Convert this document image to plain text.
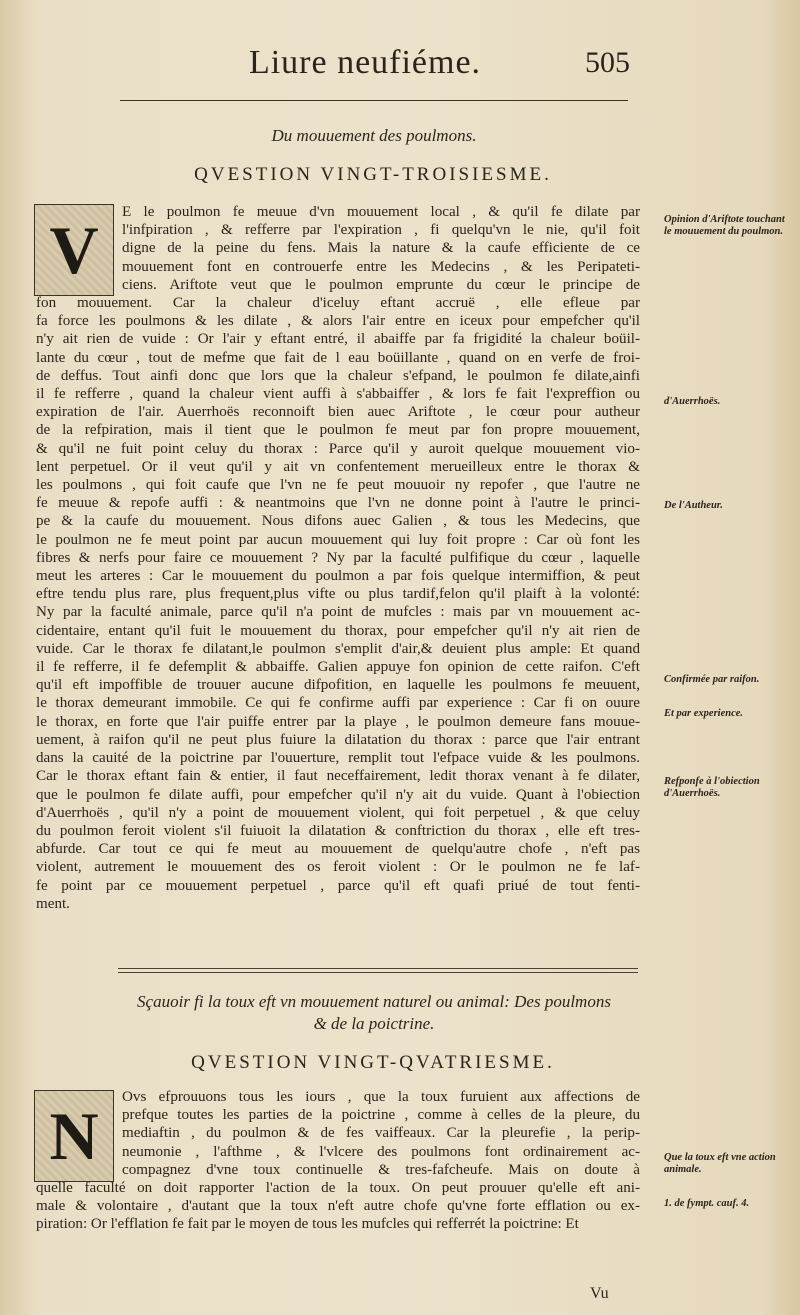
Liure neufiéme.	505
Du mouuement des poulmons.
QVESTION VINGT-TROISIESME.
V	E le poulmon fe meuue d'vn mouuement local , & qu'il fe dilate par
l'infpiration , & refferre par l'expiration , fi quelqu'vn le nie, qu'il foit
digne de la peine du fens. Mais la nature & la caufe efficiente de ce
mouuement font en controuerfe entre les Medecins , & les Peripateti-
ciens. Ariftote veut que le poulmon emprunte du cœur le principe de
fon mouuement. Car la chaleur d'iceluy eftant accruë , elle efleue par
fa force les poulmons & les dilate , & alors l'air entre en iceux pour empefcher qu'il
n'y ait rien de vuide : Or l'air y eftant entré, il abaiffe par fa frigidité la chaleur boüil-
lante du cœur , tout de mefme que fait de l eau boüillante , quand on en verfe de froi-
de deffus. Tout ainfi donc que lors que la chaleur s'efpand, le poulmon fe dilate,ainfi
il fe refferre , quand la chaleur vient auffi à s'abbaiffer , & lors fe fait l'expreffion ou
expiration de l'air. Auerrhoës reconnoift bien auec Ariftote , le cœur pour autheur
de la refpiration, mais il tient que le poulmon fe meut par fon propre mouuement,
& qu'il ne fuit point celuy du thorax : Parce qu'il y auroit quelque mouuement vio-
lent perpetuel. Or il veut qu'il y ait vn confentement merueilleux entre le thorax &
les poulmons , qui foit caufe que l'vn ne fe peut mouuoir ny repofer , que l'autre ne
fe meuue & repofe auffi : & neantmoins que l'vn ne donne point à l'autre le princi-
pe & la caufe du mouuement. Nous difons auec Galien , & tous les Medecins, que
le poulmon ne fe meut point par aucun mouuement qui luy foit propre : Car où font les
fibres & nerfs pour faire ce mouuement ? Ny par la faculté pulfifique du cœur , laquelle
meut les arteres : Car le mouuement du poulmon a par fois quelque intermiffion, & peut
eftre tendu plus rare, plus frequent,plus vifte ou plus tardif,felon qu'il plaift à la volonté:
Ny par la faculté animale, parce qu'il n'a point de mufcles : mais par vn mouuement ac-
cidentaire, entant qu'il fuit le mouuement du thorax, pour empefcher qu'il n'y ait rien de
vuide. Car le thorax fe dilatant,le poulmon s'emplit d'air,& deuient plus ample: Et quand
il fe refferre, il fe defemplit & abbaiffe. Galien appuye fon opinion de cette raifon. C'eft
qu'il eft impoffible de trouuer aucune difpofition, en laquelle les poulmons fe meuuent,
le thorax demeurant immobile. Ce qui fe confirme auffi par experience : Car fi on ouure
le thorax, en forte que l'air puiffe entrer par la playe , le poulmon demeure fans mouue-
uement, à raifon qu'il ne peut plus fuiure la dilatation du thorax : parce que l'air entrant
dans la cauité de la poictrine par l'ouuerture, remplit tout l'efpace vuide & les poulmons.
Car le thorax eftant fain & entier, il faut neceffairement, ledit thorax venant à fe dilater,
que le poulmon fe dilate auffi, pour empefcher qu'il n'y ait du vuide. Quant à l'obiection
d'Auerrhoës , qu'il n'y a point de mouuement violent, qui foit perpetuel , & que celuy
du poulmon feroit violent s'il fuiuoit la dilatation & conftriction du thorax , elle eft tres-
abfurde. Car tout ce qui fe meut au mouuement de quelqu'autre chofe , n'eft pas
violent, autrement le mouuement des os feroit violent : Or le poulmon ne fe laf-
fe point par ce mouuement perpetuel , parce qu'il eft quafi priué de tout fenti-
ment.
Opinion d'Ariftote touchant le mouuement du poulmon.
d'Auerrhoës.
De l'Autheur.
Confirmée par raifon.
Et par experience.
Refponfe à l'obiection d'Auerrhoës.
Sçauoir fi la toux eft vn mouuement naturel ou animal: Des poulmons
& de la poictrine.
QVESTION VINGT-QVATRIESME.
N
Ovs efprouuons tous les iours , que la toux furuient aux affections de
prefque toutes les parties de la poictrine , comme à celles de la pleure, du
mediaftin , du poulmon & de fes vaiffeaux. Car la pleurefie , la perip-
neumonie , l'afthme , & l'vlcere des poulmons font ordinairement ac-
compagnez d'vne toux continuelle & tres-fafcheufe. Mais on doute à
quelle faculté on doit rapporter l'action de la toux. On peut prouuer qu'elle eft ani-
male & volontaire , d'autant que la toux n'eft autre chofe qu'vne forte efflation ou ex-
piration: Or l'efflation fe fait par le moyen de tous les mufcles qui refferrét la poictrine: Et
Que la toux eft vne action animale.
1. de fympt. cauf. 4.
Vu
